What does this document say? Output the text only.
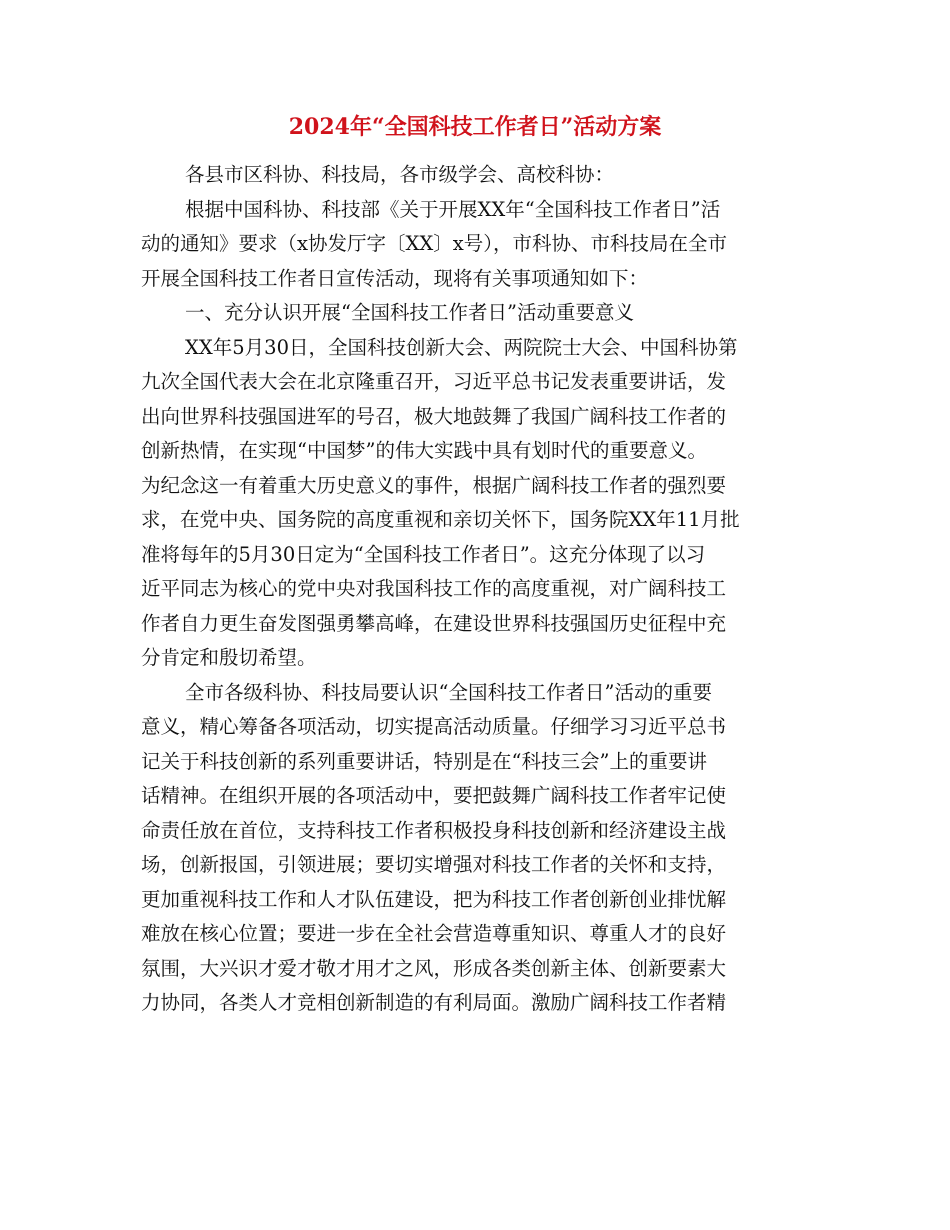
2024年“全国科技工作者日”活动方案
各县市区科协、科技局，各市级学会、高校科协：
根据中国科协、科技部《关于开展XX年“全国科技工作者日”活
动的通知》要求（x协发厅字〔XX〕x号），市科协、市科技局在全市
开展全国科技工作者日宣传活动，现将有关事项通知如下：
一、充分认识开展“全国科技工作者日”活动重要意义
XX年5月30日，全国科技创新大会、两院院士大会、中国科协第
九次全国代表大会在北京隆重召开，习近平总书记发表重要讲话，发
出向世界科技强国进军的号召，极大地鼓舞了我国广阔科技工作者的
创新热情，在实现“中国梦”的伟大实践中具有划时代的重要意义。
为纪念这一有着重大历史意义的事件，根据广阔科技工作者的强烈要
求，在党中央、国务院的高度重视和亲切关怀下，国务院XX年11月批
准将每年的5月30日定为“全国科技工作者日”。这充分体现了以习
近平同志为核心的党中央对我国科技工作的高度重视，对广阔科技工
作者自力更生奋发图强勇攀高峰，在建设世界科技强国历史征程中充
分肯定和殷切希望。
全市各级科协、科技局要认识“全国科技工作者日”活动的重要
意义，精心筹备各项活动，切实提高活动质量。仔细学习习近平总书
记关于科技创新的系列重要讲话，特别是在“科技三会”上的重要讲
话精神。在组织开展的各项活动中，要把鼓舞广阔科技工作者牢记使
命责任放在首位，支持科技工作者积极投身科技创新和经济建设主战
场，创新报国，引领进展；要切实增强对科技工作者的关怀和支持，
更加重视科技工作和人才队伍建设，把为科技工作者创新创业排忧解
难放在核心位置；要进一步在全社会营造尊重知识、尊重人才的良好
氛围，大兴识才爱才敬才用才之风，形成各类创新主体、创新要素大
力协同，各类人才竞相创新制造的有利局面。激励广阔科技工作者精
